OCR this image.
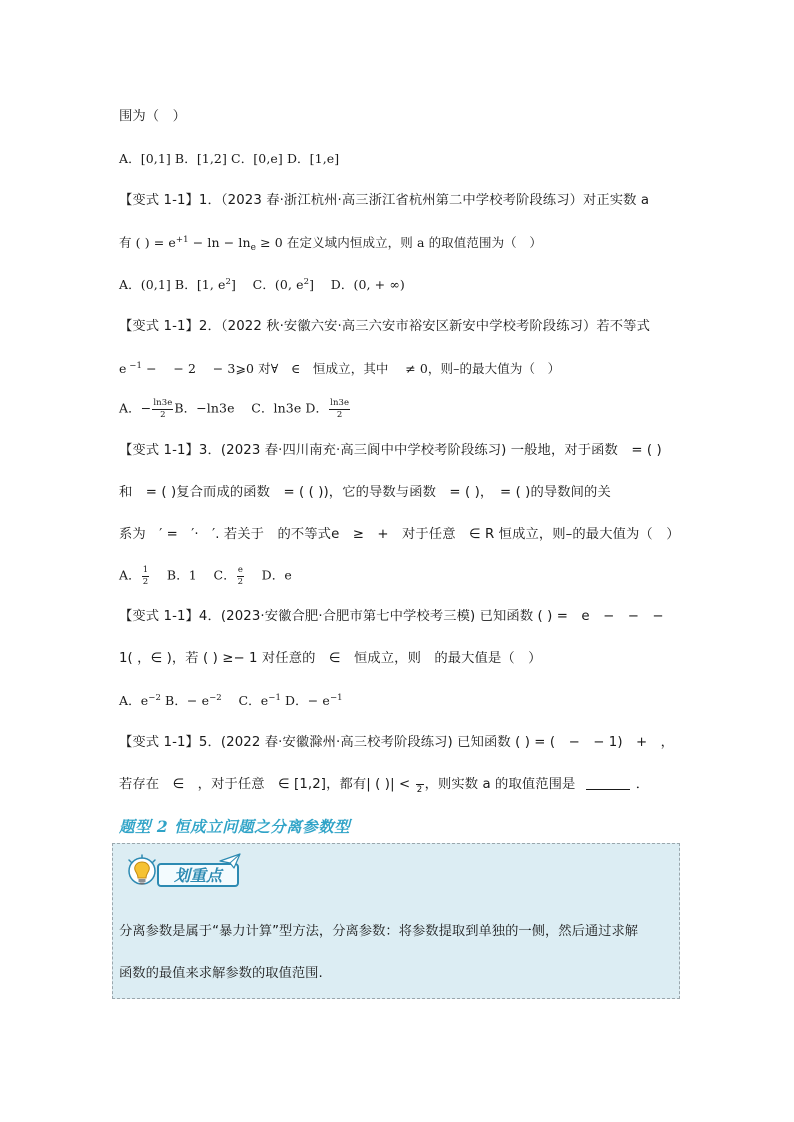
围为（　）
A．[0,1] B．[1,2] C．[0,e] D．[1,e]
【变式 1-1】1．（2023 春·浙江杭州·高三浙江省杭州第二中学校考阶段练习）对正实数 a
有 ( ) = $e^{+1} - \ln - \ln_e \ge 0$ 在定义域内恒成立，则 a 的取值范围为（　）
A．(0,1] B．[1, $e^2$]　 C．(0, $e^2$]　 D．(0, + ∞)
【变式 1-1】2．（2022 秋·安徽六安·高三六安市裕安区新安中学校考阶段练习）若不等式
e $^{-1}$ −　 − 2 　− 3⩾0 对∀　∈　恒成立，其中　 ≠ 0，则–的最大值为（　）
A．− $\frac{\ln 3e}{2}$ B．−ln3e　 C．ln3e D． $\frac{\ln 3e}{2}$
【变式 1-1】3．(2023 春·四川南充·高三阆中中学校考阶段练习) 一般地，对于函数　= ( )
和　= ( )复合而成的函数　= ( ( ))，它的导数与函数　= ( )，　= ( )的导数间的关
系为　′ =　′·　′. 若关于　的不等式e　≥　+　对于任意　∈ R 恒成立，则–的最大值为（　）
A． $\frac{1}{2}$ 　 B．1　 C． $\frac{e}{2}$ 　 D．e
【变式 1-1】4．(2023·安徽合肥·合肥市第七中学校考三模) 已知函数 ( ) =　e　−　−　−
1( ，∈ )，若 ( ) ≥− 1 对任意的　∈　恒成立，则　的最大值是（　）
A．$e^{-2}$ B．− $e^{-2}$　 C．$e^{-1}$ D．− $e^{-1}$
【变式 1-1】5．(2022 春·安徽滁州·高三校考阶段练习) 已知函数 ( ) = (　−　− 1)　+　，
若存在　∈　，对于任意　∈ [1,2]，都有| ( )| <
2 ，则实数 a 的取值范围是	．
题型 2 恒成立问题之分离参数型
划重点
分离参数是属于“暴力计算”型方法，分离参数：将参数提取到单独的一侧，然后通过求解
函数的最值来求解参数的取值范围.
